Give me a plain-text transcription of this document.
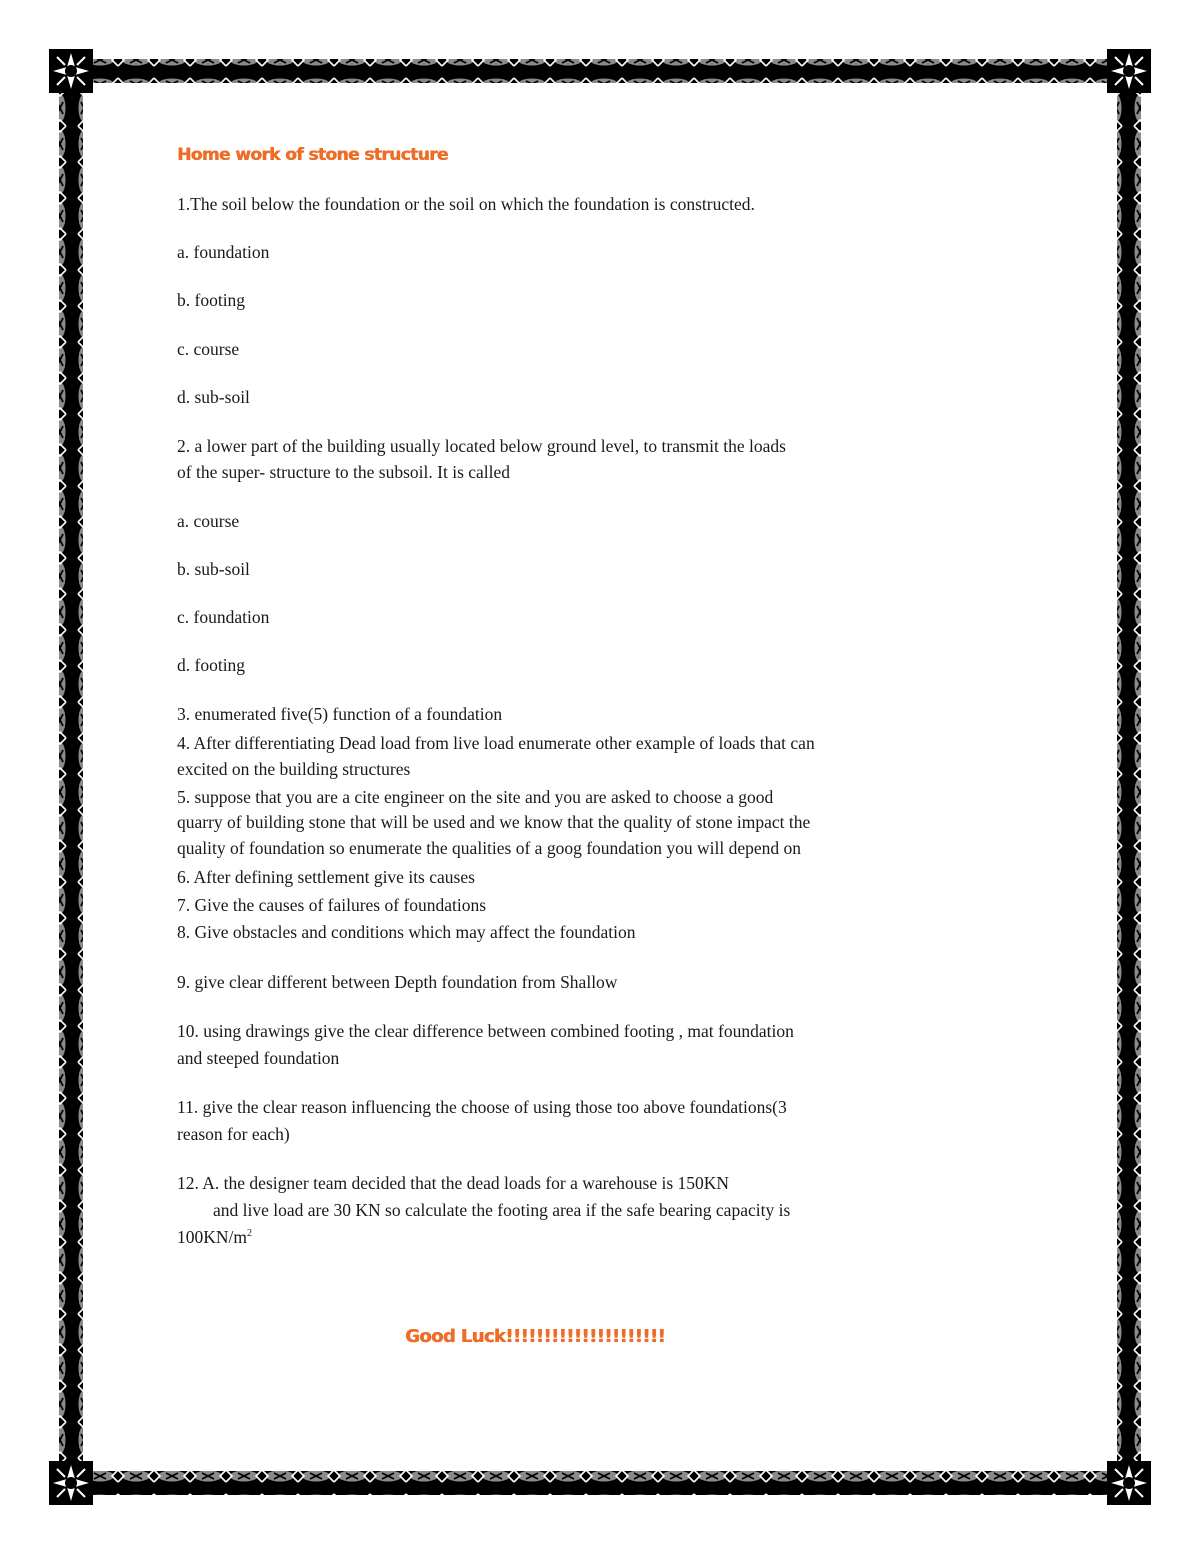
Home work of stone structure

1.The soil below the foundation or the soil on which the foundation is constructed.

a. foundation

b. footing

c. course

d. sub-soil

2. a lower part of the building usually located below ground level, to transmit the loads

of the super- structure to the subsoil. It is called

a. course

b. sub-soil

c. foundation

d. footing

3. enumerated five(5) function of a foundation

4. After differentiating Dead load from live load enumerate other example of loads that can

excited on the building structures

5. suppose that you are a cite engineer on the site and you are asked to choose a good

quarry of building stone that will be used and we know that the quality of stone impact the

quality of foundation so enumerate the qualities of a goog foundation you will depend on

6. After defining settlement give its causes

7. Give the causes of failures of foundations

8. Give obstacles and conditions which may affect the foundation

9. give clear different between Depth foundation from Shallow

10. using drawings give the clear difference between combined footing , mat foundation

and steeped foundation

11. give the clear reason influencing the choose of using those too above foundations(3

reason for each)

12. A. the designer team decided that the dead loads for a warehouse is 150KN

and live load are 30 KN so calculate the footing area if the safe bearing capacity is

$100KN/m^2$

Good Luck!!!!!!!!!!!!!!!!!!!!!
